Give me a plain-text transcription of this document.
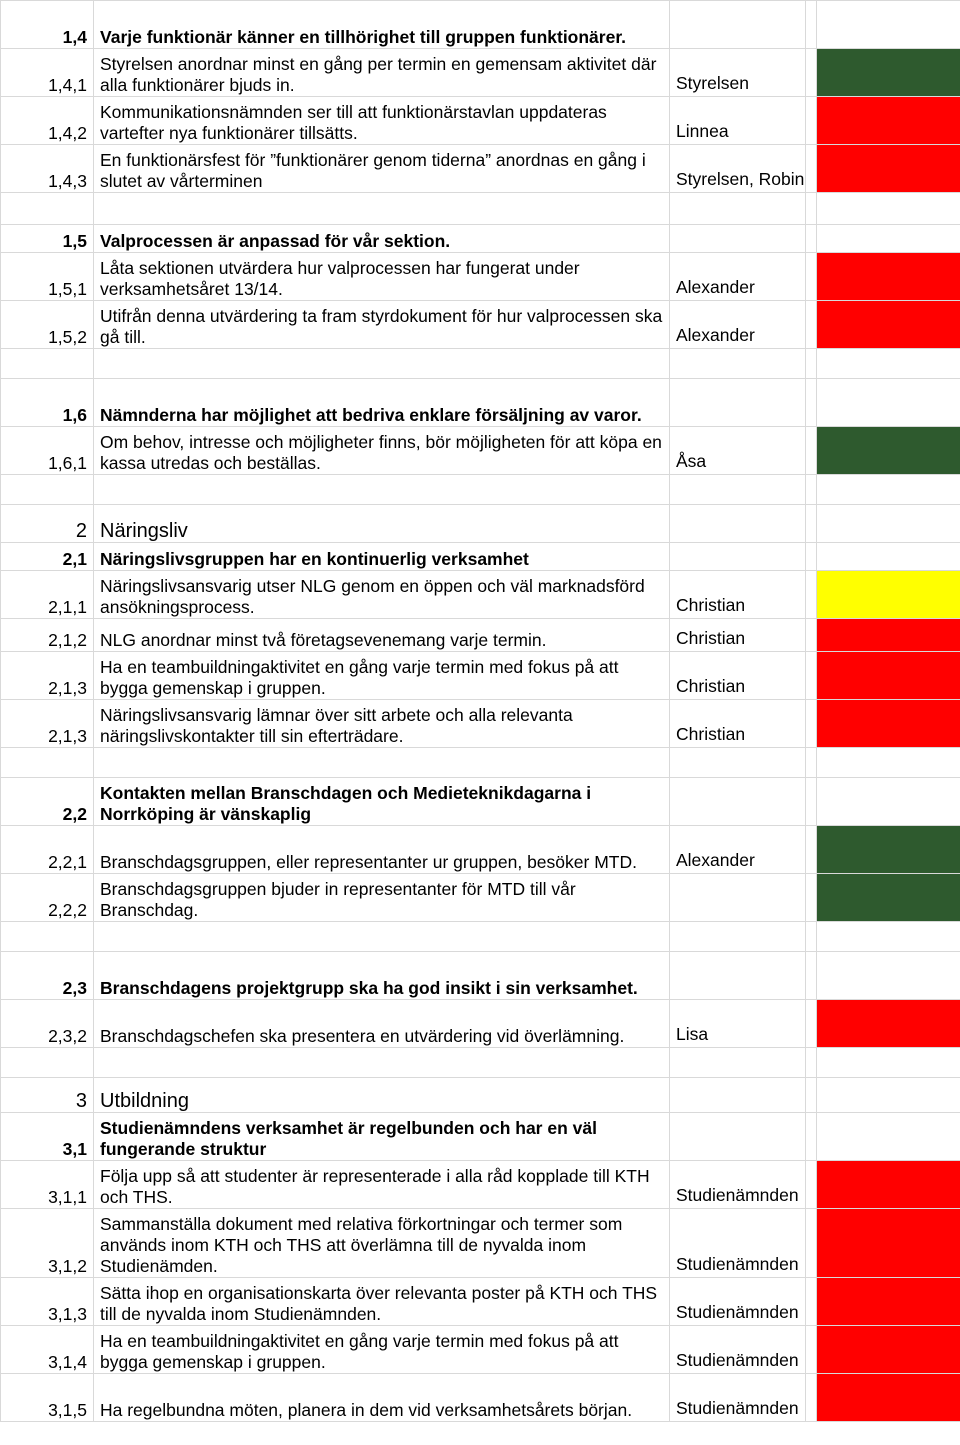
1,4	Varje funktionär känner en tillhörighet till gruppen funktionärer.			
1,4,1	Styrelsen anordnar minst en gång per termin en gemensam aktivitet där alla funktionärer bjuds in.	Styrelsen		
1,4,2	Kommunikationsnämnden ser till att funktionärstavlan uppdateras vartefter nya funktionärer tillsätts.	Linnea		
1,4,3	En funktionärsfest för ”funktionärer genom tiderna” anordnas en gång i slutet av vårterminen	Styrelsen, Robin		

1,5	Valprocessen är anpassad för vår sektion.			
1,5,1	Låta sektionen utvärdera hur valprocessen har fungerat under verksamhetsåret 13/14.	Alexander		
1,5,2	Utifrån denna utvärdering ta fram styrdokument för hur valprocessen ska gå till.	Alexander		

1,6	Nämnderna har möjlighet att bedriva enklare försäljning av varor.			
1,6,1	Om behov, intresse och möjligheter finns, bör möjligheten för att köpa en kassa utredas och beställas.	Åsa		

2	Näringsliv			
2,1	Näringslivsgruppen har en kontinuerlig verksamhet			
2,1,1	Näringslivsansvarig utser NLG genom en öppen och väl marknadsförd ansökningsprocess.	Christian		
2,1,2	NLG anordnar minst två företagsevenemang varje termin.	Christian		
2,1,3	Ha en teambuildningaktivitet en gång varje termin med fokus på att bygga gemenskap i gruppen.	Christian		
2,1,3	Näringslivsansvarig lämnar över sitt arbete och alla relevanta näringslivskontakter till sin efterträdare.	Christian		

2,2	Kontakten mellan Branschdagen och Medieteknikdagarna i Norrköping är vänskaplig			
2,2,1	Branschdagsgruppen, eller representanter ur gruppen, besöker MTD.	Alexander		
2,2,2	Branschdagsgruppen bjuder in representanter för MTD till vår Branschdag.			

2,3	Branschdagens projektgrupp ska ha god insikt i sin verksamhet.			
2,3,2	Branschdagschefen ska presentera en utvärdering vid överlämning.	Lisa		

3	Utbildning			
3,1	Studienämndens verksamhet är regelbunden och har en väl fungerande struktur			
3,1,1	Följa upp så att studenter är representerade i alla råd kopplade till KTH och THS.	Studienämnden		
3,1,2	Sammanställa dokument med relativa förkortningar och termer som används inom KTH och THS att överlämna till de nyvalda inom Studienämden.	Studienämnden		
3,1,3	Sätta ihop en organisationskarta över relevanta poster på KTH och THS till de nyvalda inom Studienämnden.	Studienämnden		
3,1,4	Ha en teambuildningaktivitet en gång varje termin med fokus på att bygga gemenskap i gruppen.	Studienämnden		
3,1,5	Ha regelbundna möten, planera in dem vid verksamhetsårets början.	Studienämnden		
